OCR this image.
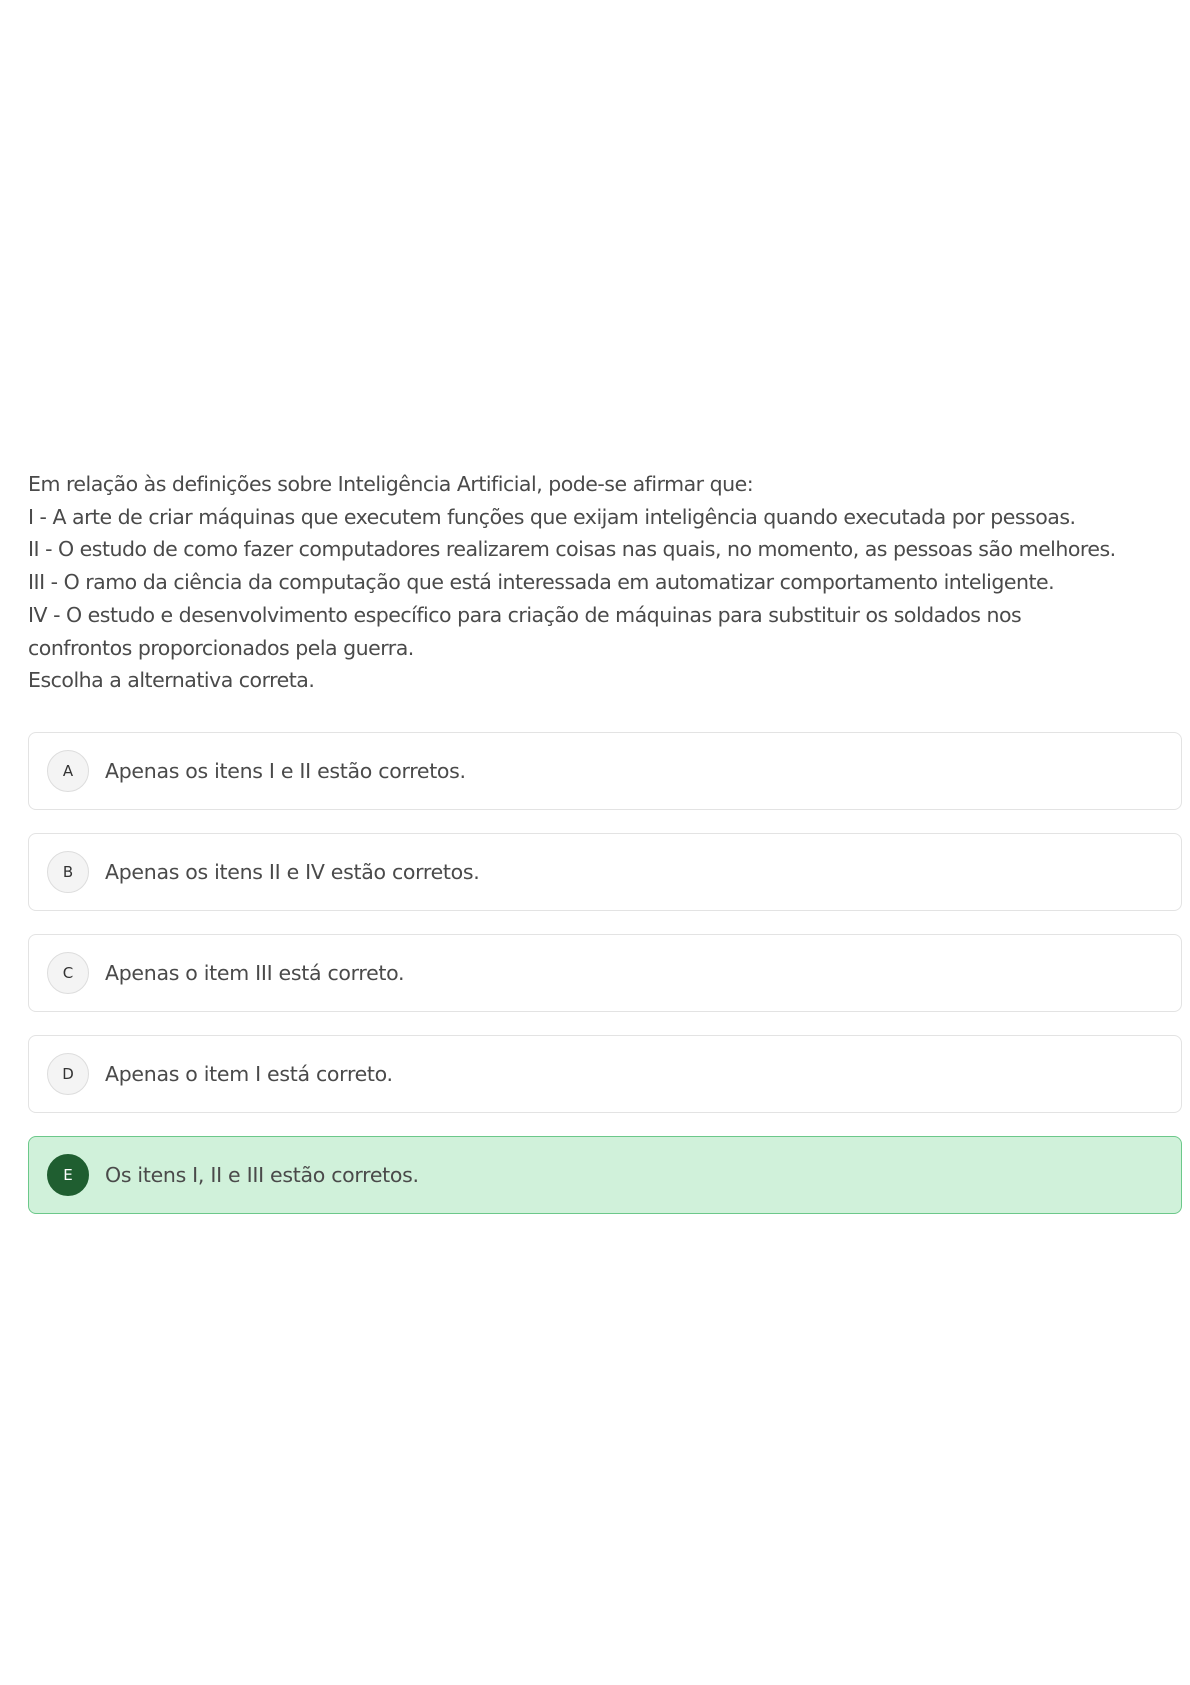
Em relação às definições sobre Inteligência Artificial, pode-se afirmar que:
I - A arte de criar máquinas que executem funções que exijam inteligência quando executada por pessoas.
II - O estudo de como fazer computadores realizarem coisas nas quais, no momento, as pessoas são melhores.
III - O ramo da ciência da computação que está interessada em automatizar comportamento inteligente.
IV - O estudo e desenvolvimento específico para criação de máquinas para substituir os soldados nos confrontos proporcionados pela guerra.
Escolha a alternativa correta.
A	Apenas os itens I e II estão corretos.
B	Apenas os itens II e IV estão corretos.
C	Apenas o item III está correto.
D	Apenas o item I está correto.
E	Os itens I, II e III estão corretos.
